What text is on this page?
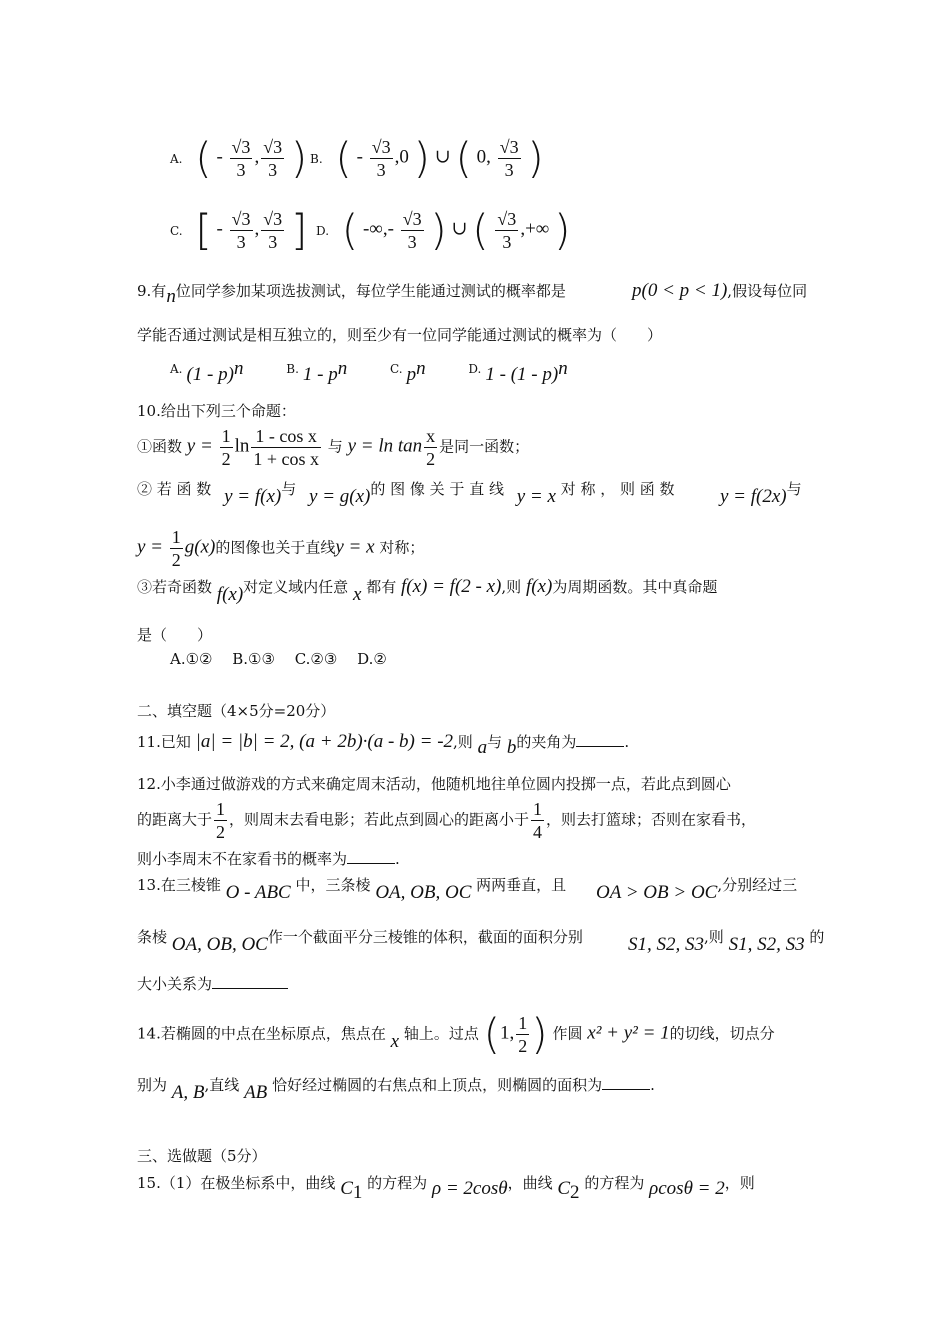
$^{A.}$ ( - $\frac{√3}{3}$ , $\frac{√3}{3}$ ) $^{B.}$ ( - $\frac{√3}{3} ,0$ ) ∪ ( 0, $\frac{√3}{3}$ )
$^{C.}$ [ - $\frac{√3}{3}$ , $\frac{√3}{3}$ ] $^{D.}$ ( -∞,- $\frac{√3}{3}$ ) ∪ ( $\frac{√3}{3}$ ,+∞ )
9.有n位同学参加某项选拔测试，每位学生能通过测试的概率都是	p(0 < p < 1),假设每位同
学能否通过测试是相互独立的，则至少有一位同学能通过测试的概率为（　　）
$^{A.}$ (1 - p)$^n$	$^{B.}$ $1 - p^n$	$^{C.}$ $p^n$	$^{D.}$ 1 - (1 - p)$^n$
10.给出下列三个命题：
①函数 $y = \frac{1}{2}$ $\ln \frac{\text{1 - cos x}}{\text{1 + cos x}}$ 与 $y = \ln \tan \frac{x}{2}$ 是同一函数；
② 若 函 数 y = f(x)与 y = g(x)的 图 像 关 于 直 线 y = x 对 称 ， 则 函 数	y = f(2x)与
$y = \frac{1}{2} g(x)$的图像也关于直线y = x 对称；
③若奇函数 f(x)对定义域内任意 x 都有 f(x) = f(2 - x),则 f(x)为周期函数。其中真命题
是（　　）
A.①②　 B.①③　 C.②③　 D.②
二、填空题（4×5分=20分）
11.已知 |a| = |b| = 2, (a + 2b)·(a - b) = -2,则 a与 b的夹角为	.
12.小李通过做游戏的方式来确定周末活动，他随机地往单位圆内投掷一点，若此点到圆心
的距离大于 $\frac{1}{2}$ ，则周末去看电影；若此点到圆心的距离小于 $\frac{1}{4}$ ，则去打篮球；否则在家看书，
则小李周末不在家看书的概率为	.
13.在三棱锥 O - ABC 中，三条棱 OA, OB, OC 两两垂直，且 OA > OB > OC,分别经过三
条棱 OA, OB, OC作一个截面平分三棱锥的体积，截面的面积分别 S1, S2, S3,则 S1, S2, S3 的
大小关系为
14.若椭圆的中点在坐标原点，焦点在 x 轴上。过点 (1, $\frac{1}{2}$ ) 作圆 x² + y² = 1的切线，切点分
别为 A, B,直线 AB 恰好经过椭圆的右焦点和上顶点，则椭圆的面积为	.
三、选做题（5分）
15.（1）在极坐标系中，曲线 $C_1$ 的方程为 ρ = 2cosθ，曲线 $C_2$ 的方程为 ρcosθ = 2，则
